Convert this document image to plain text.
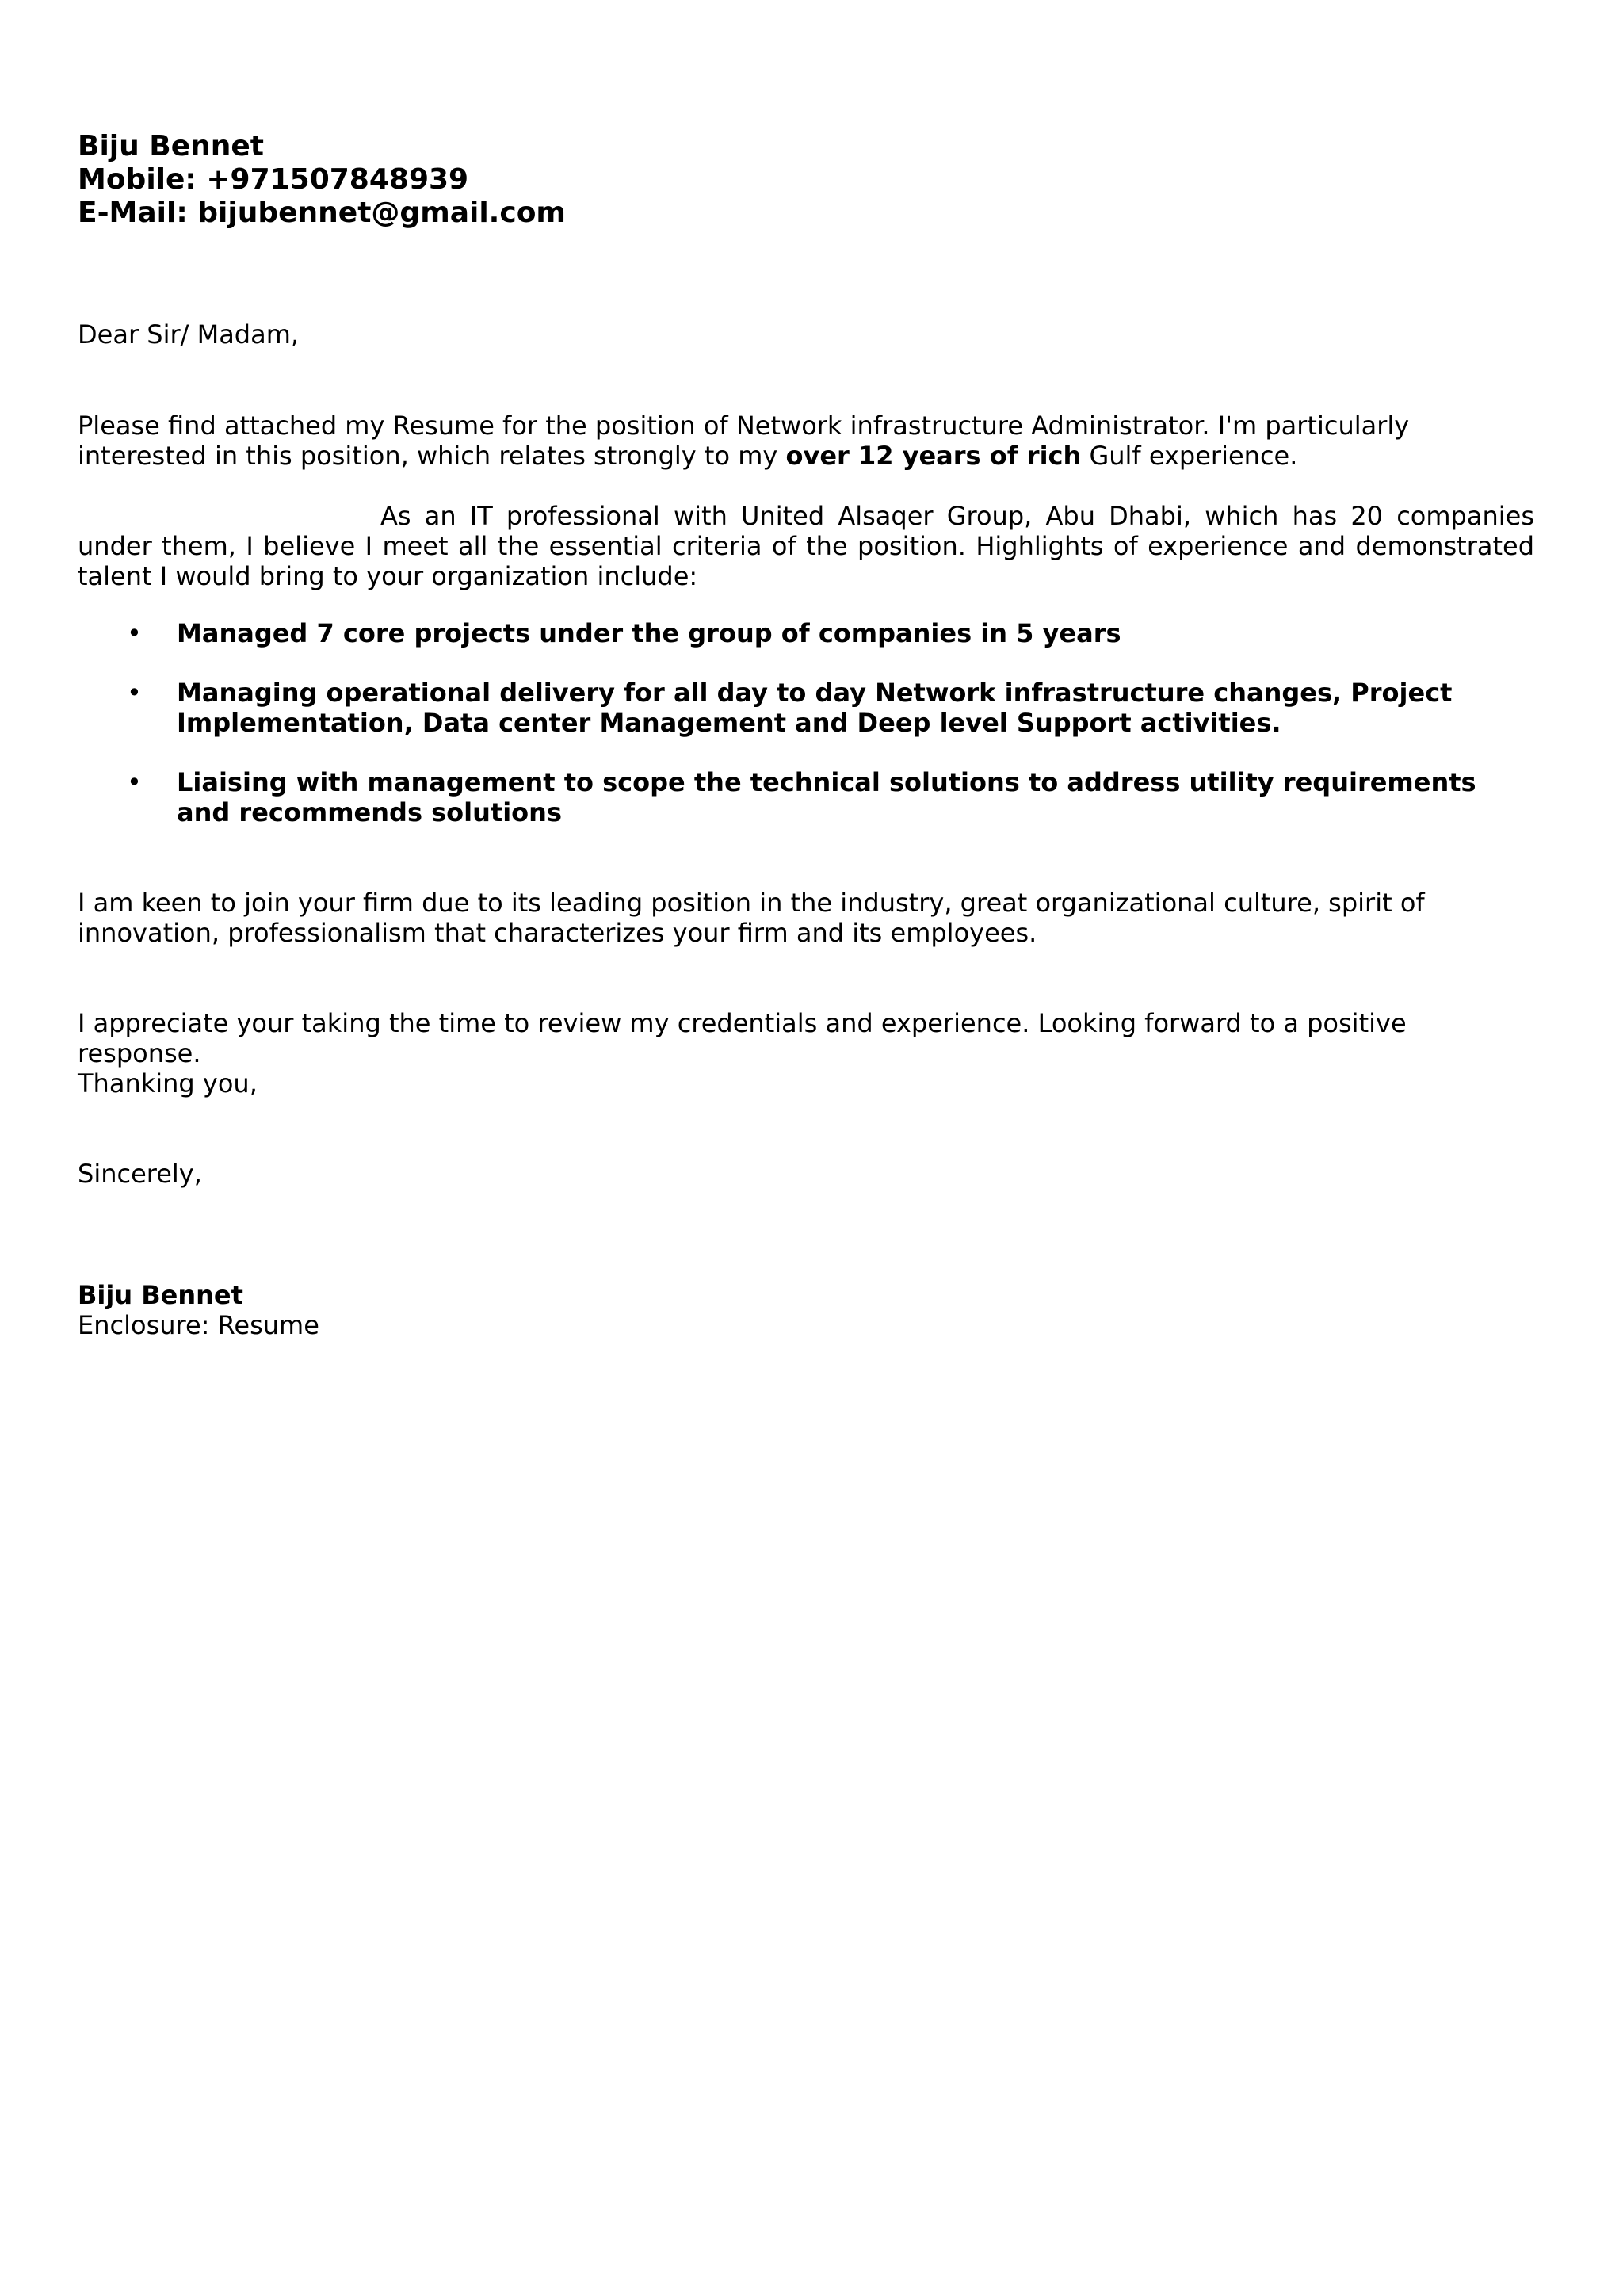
Biju Bennet
Mobile: +971507848939
E-Mail: bijubennet@gmail.com
Dear Sir/ Madam,
Please find attached my Resume for the position of Network infrastructure Administrator. I'm particularly interested in this position, which relates strongly to my over 12 years of rich Gulf experience.
As an IT professional with United Alsaqer Group, Abu Dhabi, which has 20 companies under them, I believe I meet all the essential criteria of the position. Highlights of experience and demonstrated talent I would bring to your organization include:
• Managed 7 core projects under the group of companies in 5 years
• Managing operational delivery for all day to day Network infrastructure changes, Project Implementation, Data center Management and Deep level Support activities.
• Liaising with management to scope the technical solutions to address utility requirements and recommends solutions
I am keen to join your firm due to its leading position in the industry, great organizational culture, spirit of innovation, professionalism that characterizes your firm and its employees.
I appreciate your taking the time to review my credentials and experience. Looking forward to a positive response.
Thanking you,
Sincerely,
Biju Bennet
Enclosure: Resume
